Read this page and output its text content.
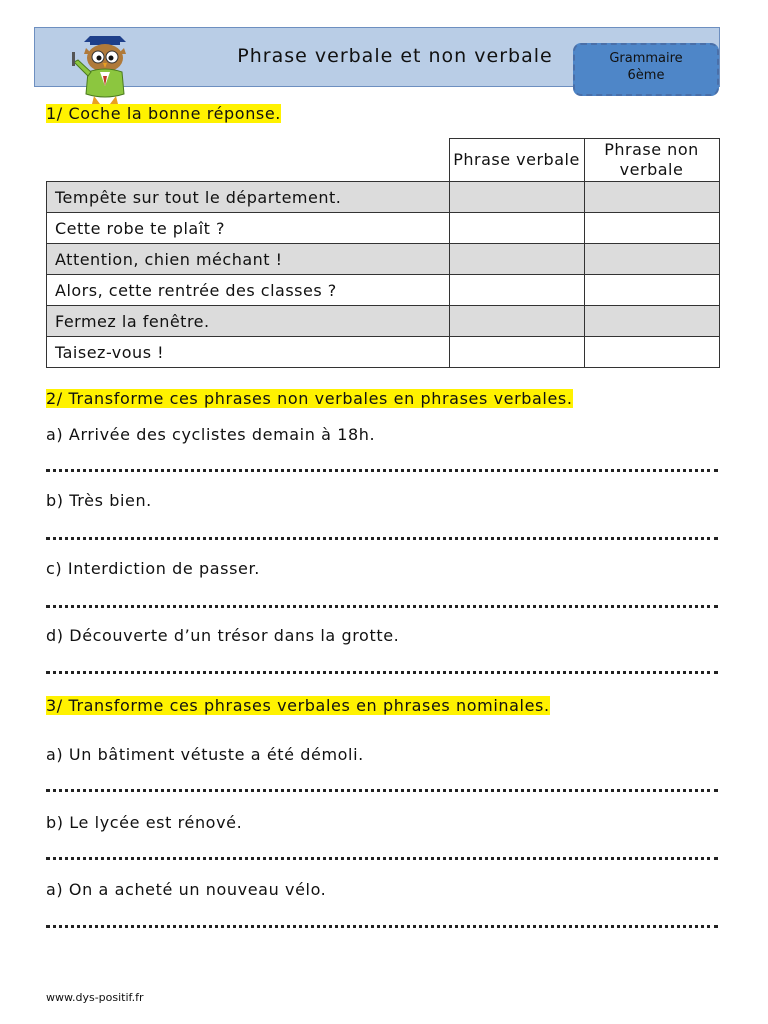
Phrase verbale et non verbale	Grammaire
6ème
1/ Coche la bonne réponse.
	Phrase verbale	Phrase non verbale
Tempête sur tout le département.		
Cette robe te plaît ?		
Attention, chien méchant !		
Alors, cette rentrée des classes ?		
Fermez la fenêtre.		
Taisez-vous !		
2/ Transforme ces phrases non verbales en phrases verbales.
a) Arrivée des cyclistes demain à 18h.
b) Très bien.
c) Interdiction de passer.
d) Découverte d’un trésor dans la grotte.
3/ Transforme ces phrases verbales en phrases nominales.
a) Un bâtiment vétuste a été démoli.
b) Le lycée est rénové.
a) On a acheté un nouveau vélo.
www.dys-positif.fr
